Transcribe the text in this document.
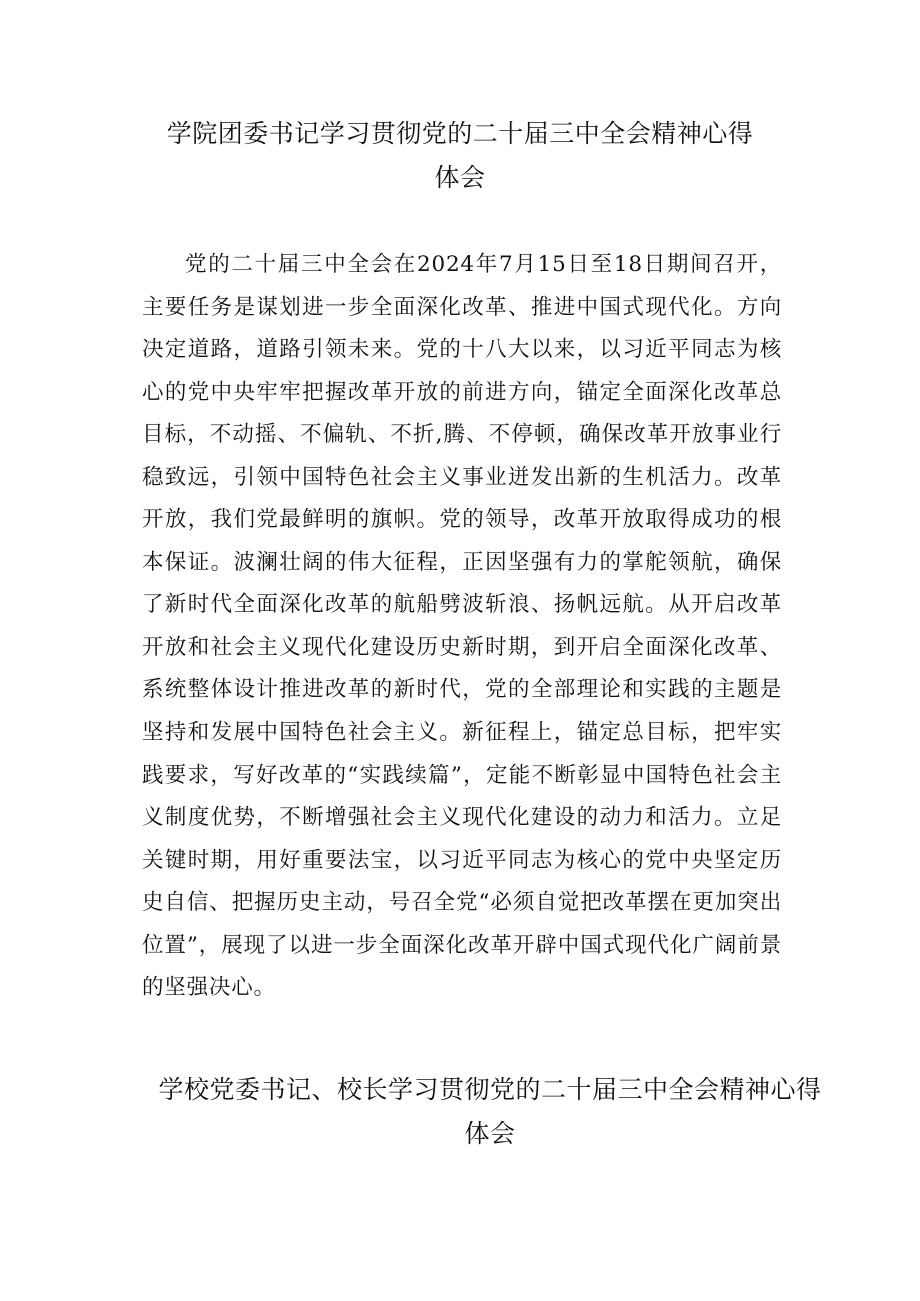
学院团委书记学习贯彻党的二十届三中全会精神心得
体会

党的二十届三中全会在2024年7月15日至18日期间召开，主要任务是谋划进一步全面深化改革、推进中国式现代化。方向决定道路，道路引领未来。党的十八大以来，以习近平同志为核心的党中央牢牢把握改革开放的前进方向，锚定全面深化改革总目标，不动摇、不偏轨、不折,腾、不停顿，确保改革开放事业行稳致远，引领中国特色社会主义事业迸发出新的生机活力。改革开放，我们党最鲜明的旗帜。党的领导，改革开放取得成功的根本保证。波澜壮阔的伟大征程，正因坚强有力的掌舵领航，确保了新时代全面深化改革的航船劈波斩浪、扬帆远航。从开启改革开放和社会主义现代化建设历史新时期，到开启全面深化改革、系统整体设计推进改革的新时代，党的全部理论和实践的主题是坚持和发展中国特色社会主义。新征程上，锚定总目标，把牢实践要求，写好改革的“实践续篇”，定能不断彰显中国特色社会主义制度优势，不断增强社会主义现代化建设的动力和活力。立足关键时期，用好重要法宝，以习近平同志为核心的党中央坚定历史自信、把握历史主动，号召全党“必须自觉把改革摆在更加突出位置”，展现了以进一步全面深化改革开辟中国式现代化广阔前景的坚强决心。

学校党委书记、校长学习贯彻党的二十届三中全会精神心得
体会
